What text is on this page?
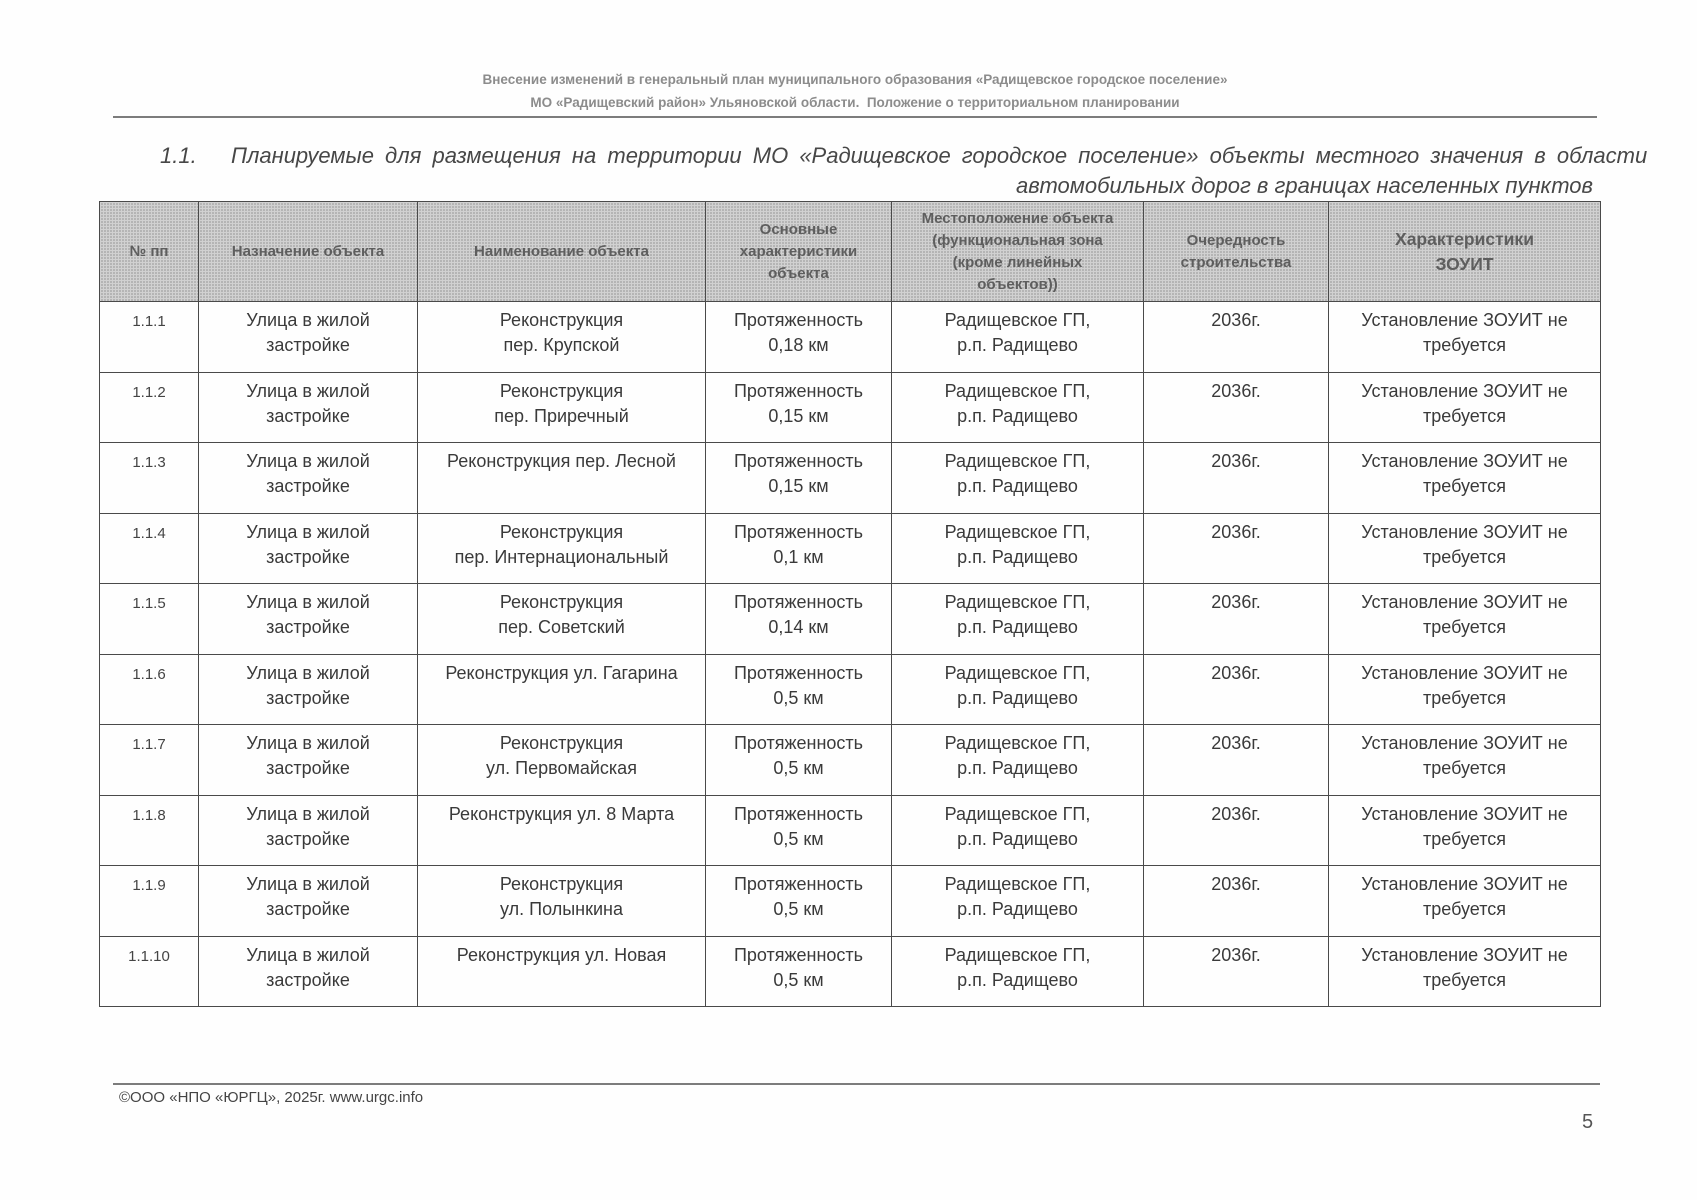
Внесение изменений в генеральный план муниципального образования «Радищевское городское поселение»
МО «Радищевский район» Ульяновской области.  Положение о территориальном планировании
1.1. Планируемые для размещения на территории МО «Радищевское городское поселение» объекты местного значения в области
автомобильных дорог в границах населенных пунктов
№ пп	Назначение объекта	Наименование объекта	Основные
характеристики
объекта	Местоположение объекта
(функциональная зона
(кроме линейных
объектов))	Очередность
строительства	Характеристики
ЗОУИТ
1.1.1	Улица в жилой
застройке	Реконструкция
пер. Крупской	Протяженность
0,18 км	Радищевское ГП,
р.п. Радищево	2036г.	Установление ЗОУИТ не
требуется
1.1.2	Улица в жилой
застройке	Реконструкция
пер. Приречный	Протяженность
0,15 км	Радищевское ГП,
р.п. Радищево	2036г.	Установление ЗОУИТ не
требуется
1.1.3	Улица в жилой
застройке	Реконструкция пер. Лесной	Протяженность
0,15 км	Радищевское ГП,
р.п. Радищево	2036г.	Установление ЗОУИТ не
требуется
1.1.4	Улица в жилой
застройке	Реконструкция
пер. Интернациональный	Протяженность
0,1 км	Радищевское ГП,
р.п. Радищево	2036г.	Установление ЗОУИТ не
требуется
1.1.5	Улица в жилой
застройке	Реконструкция
пер. Советский	Протяженность
0,14 км	Радищевское ГП,
р.п. Радищево	2036г.	Установление ЗОУИТ не
требуется
1.1.6	Улица в жилой
застройке	Реконструкция ул. Гагарина	Протяженность
0,5 км	Радищевское ГП,
р.п. Радищево	2036г.	Установление ЗОУИТ не
требуется
1.1.7	Улица в жилой
застройке	Реконструкция
ул. Первомайская	Протяженность
0,5 км	Радищевское ГП,
р.п. Радищево	2036г.	Установление ЗОУИТ не
требуется
1.1.8	Улица в жилой
застройке	Реконструкция ул. 8 Марта	Протяженность
0,5 км	Радищевское ГП,
р.п. Радищево	2036г.	Установление ЗОУИТ не
требуется
1.1.9	Улица в жилой
застройке	Реконструкция
ул. Полынкина	Протяженность
0,5 км	Радищевское ГП,
р.п. Радищево	2036г.	Установление ЗОУИТ не
требуется
1.1.10	Улица в жилой
застройке	Реконструкция ул. Новая	Протяженность
0,5 км	Радищевское ГП,
р.п. Радищево	2036г.	Установление ЗОУИТ не
требуется
©ООО «НПО «ЮРГЦ», 2025г. www.urgc.info
5
